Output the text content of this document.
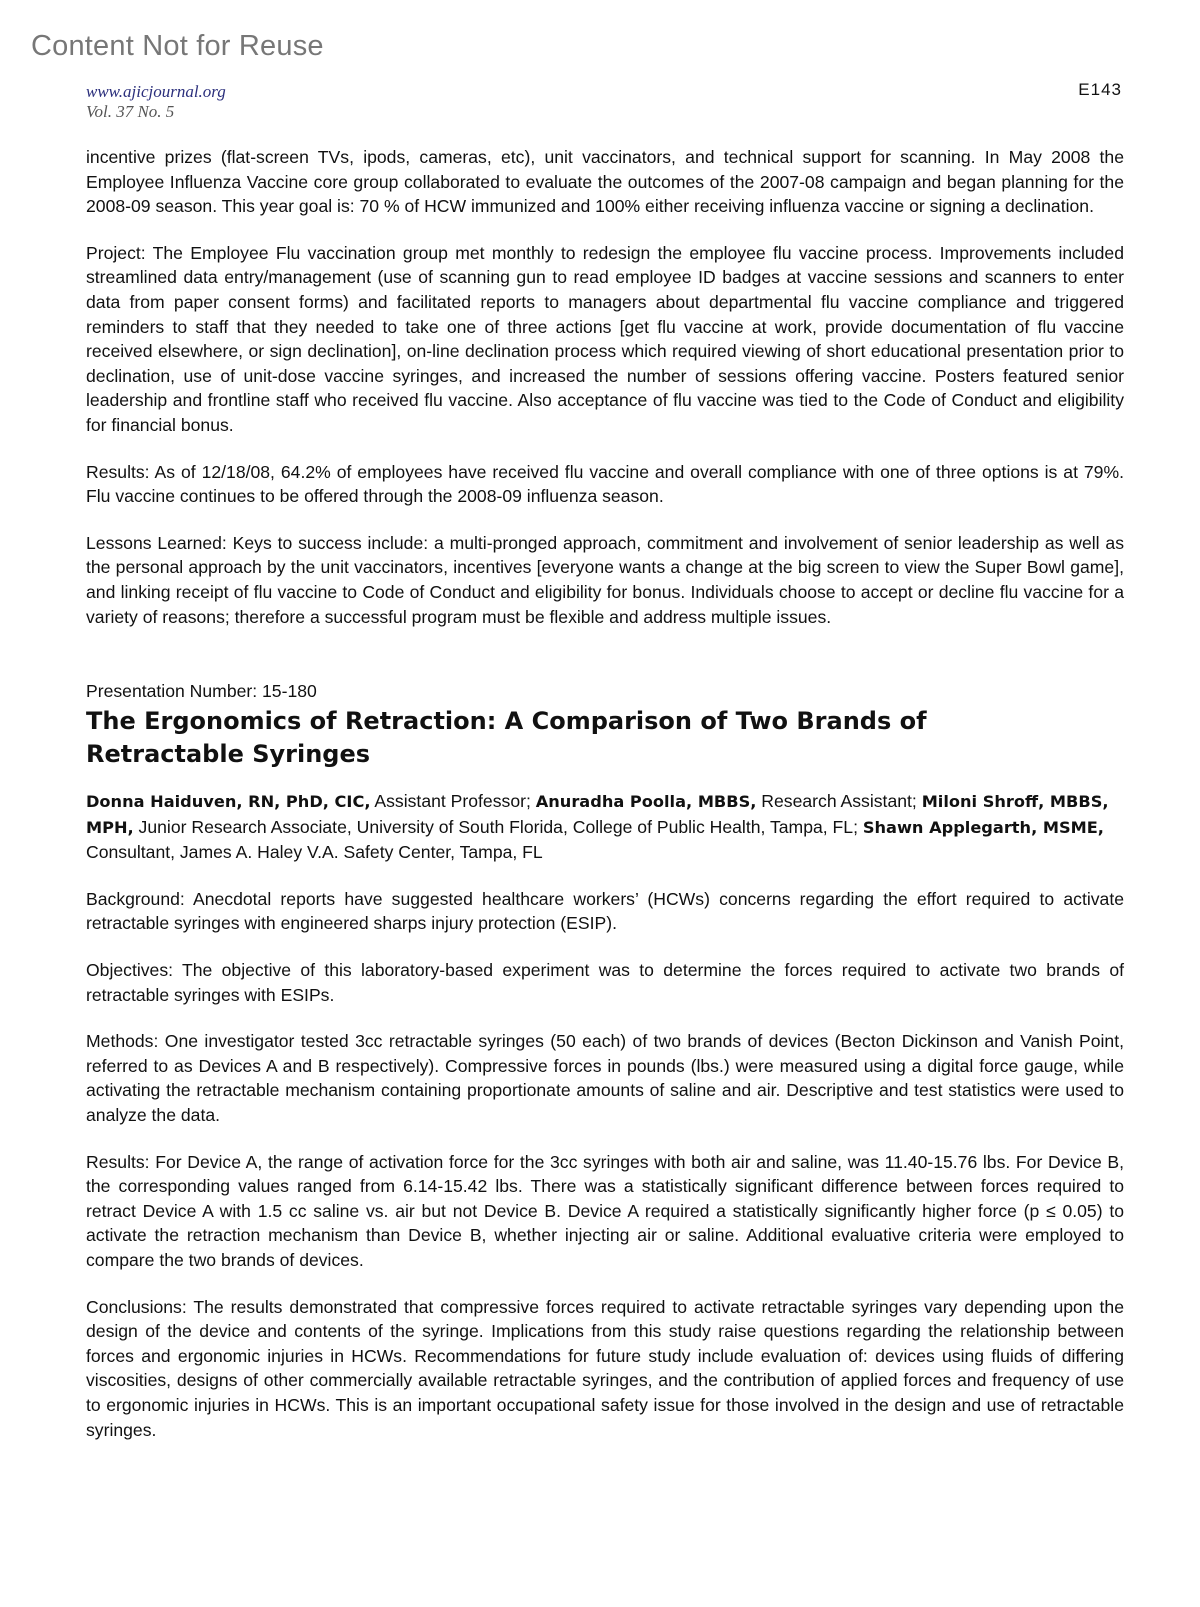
Content Not for Reuse
www.ajicjournal.org
Vol. 37 No. 5
E143

incentive prizes (flat-screen TVs, ipods, cameras, etc), unit vaccinators, and technical support for scanning. In May 2008 the Employee Influenza Vaccine core group collaborated to evaluate the outcomes of the 2007-08 campaign and began planning for the 2008-09 season. This year goal is: 70 % of HCW immunized and 100% either receiving influenza vaccine or signing a declination.

Project: The Employee Flu vaccination group met monthly to redesign the employee flu vaccine process. Improvements included streamlined data entry/management (use of scanning gun to read employee ID badges at vaccine sessions and scanners to enter data from paper consent forms) and facilitated reports to managers about departmental flu vaccine compliance and triggered reminders to staff that they needed to take one of three actions [get flu vaccine at work, provide documentation of flu vaccine received elsewhere, or sign declination], on-line declination process which required viewing of short educational presentation prior to declination, use of unit-dose vaccine syringes, and increased the number of sessions offering vaccine. Posters featured senior leadership and frontline staff who received flu vaccine. Also acceptance of flu vaccine was tied to the Code of Conduct and eligibility for financial bonus.

Results: As of 12/18/08, 64.2% of employees have received flu vaccine and overall compliance with one of three options is at 79%. Flu vaccine continues to be offered through the 2008-09 influenza season.

Lessons Learned: Keys to success include: a multi-pronged approach, commitment and involvement of senior leadership as well as the personal approach by the unit vaccinators, incentives [everyone wants a change at the big screen to view the Super Bowl game], and linking receipt of flu vaccine to Code of Conduct and eligibility for bonus. Individuals choose to accept or decline flu vaccine for a variety of reasons; therefore a successful program must be flexible and address multiple issues.

Presentation Number: 15-180
The Ergonomics of Retraction: A Comparison of Two Brands of Retractable Syringes

Donna Haiduven, RN, PhD, CIC, Assistant Professor; Anuradha Poolla, MBBS, Research Assistant; Miloni Shroff, MBBS, MPH, Junior Research Associate, University of South Florida, College of Public Health, Tampa, FL; Shawn Applegarth, MSME, Consultant, James A. Haley V.A. Safety Center, Tampa, FL

Background: Anecdotal reports have suggested healthcare workers’ (HCWs) concerns regarding the effort required to activate retractable syringes with engineered sharps injury protection (ESIP).

Objectives: The objective of this laboratory-based experiment was to determine the forces required to activate two brands of retractable syringes with ESIPs.

Methods: One investigator tested 3cc retractable syringes (50 each) of two brands of devices (Becton Dickinson and Vanish Point, referred to as Devices A and B respectively). Compressive forces in pounds (lbs.) were measured using a digital force gauge, while activating the retractable mechanism containing proportionate amounts of saline and air. Descriptive and test statistics were used to analyze the data.

Results: For Device A, the range of activation force for the 3cc syringes with both air and saline, was 11.40-15.76 lbs. For Device B, the corresponding values ranged from 6.14-15.42 lbs. There was a statistically significant difference between forces required to retract Device A with 1.5 cc saline vs. air but not Device B. Device A required a statistically significantly higher force (p ≤ 0.05) to activate the retraction mechanism than Device B, whether injecting air or saline. Additional evaluative criteria were employed to compare the two brands of devices.

Conclusions: The results demonstrated that compressive forces required to activate retractable syringes vary depending upon the design of the device and contents of the syringe. Implications from this study raise questions regarding the relationship between forces and ergonomic injuries in HCWs. Recommendations for future study include evaluation of: devices using fluids of differing viscosities, designs of other commercially available retractable syringes, and the contribution of applied forces and frequency of use to ergonomic injuries in HCWs. This is an important occupational safety issue for those involved in the design and use of retractable syringes.
